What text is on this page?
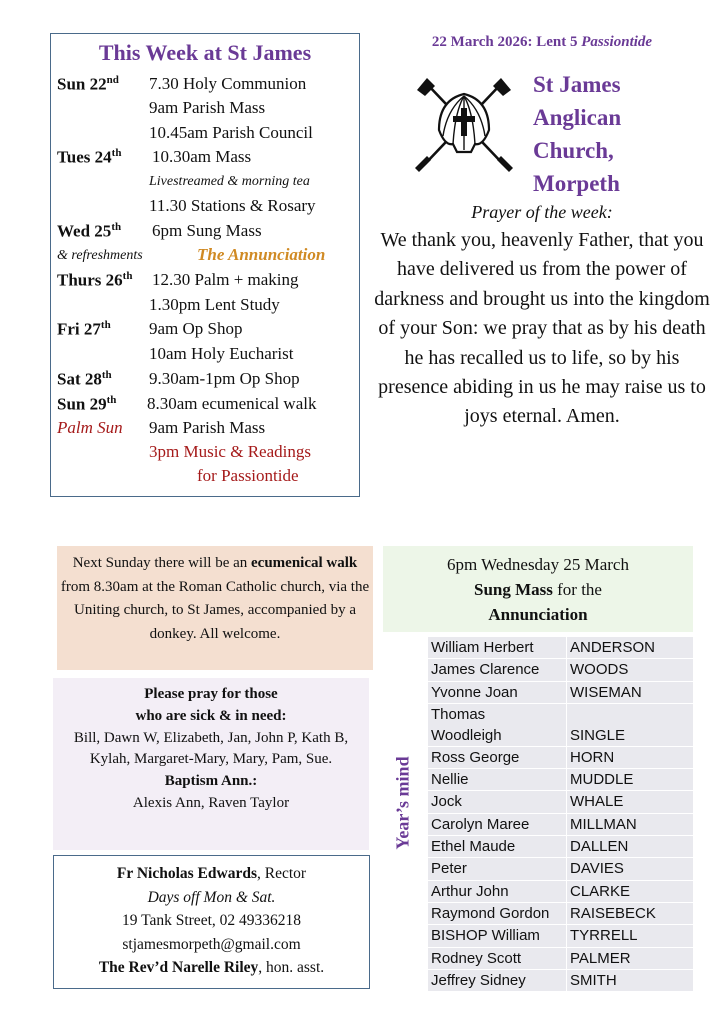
This Week at St James
Sun 22nd 7.30 Holy Communion
9am Parish Mass
10.45am Parish Council
Tues 24th 10.30am Mass
Livestreamed & morning tea
11.30 Stations & Rosary
Wed 25th 6pm Sung Mass
& refreshments	The Annunciation
Thurs 26th 12.30 Palm + making
1.30pm Lent Study
Fri 27th 9am Op Shop
10am Holy Eucharist
Sat 28th 9.30am-1pm Op Shop
Sun 29th 8.30am ecumenical walk
Palm Sun 9am Parish Mass
3pm Music & Readings
for Passiontide
22 March 2026: Lent 5 Passiontide
St James
Anglican
Church,
Morpeth
Prayer of the week:
We thank you, heavenly Father, that you have delivered us from the power of darkness and brought us into the kingdom of your Son: we pray that as by his death he has recalled us to life, so by his presence abiding in us he may raise us to joys eternal. Amen.
Next Sunday there will be an ecumenical walk from 8.30am at the Roman Catholic church, via the Uniting church, to St James, accompanied by a donkey. All welcome.
Please pray for those
who are sick & in need:
Bill, Dawn W, Elizabeth, Jan, John P, Kath B, Kylah, Margaret-Mary, Mary, Pam, Sue.
Baptism Ann.:
Alexis Ann, Raven Taylor
Fr Nicholas Edwards, Rector
Days off Mon & Sat.
19 Tank Street, 02 49336218
stjamesmorpeth@gmail.com
The Rev’d Narelle Riley, hon. asst.
6pm Wednesday 25 March
Sung Mass for the
Annunciation
Year’s mind
William Herbert	ANDERSON
James Clarence	WOODS
Yvonne Joan	WISEMAN
Thomas
Woodleigh	SINGLE
Ross George	HORN
Nellie	MUDDLE
Jock	WHALE
Carolyn Maree	MILLMAN
Ethel Maude	DALLEN
Peter	DAVIES
Arthur John	CLARKE
Raymond Gordon	RAISEBECK
BISHOP William	TYRRELL
Rodney Scott	PALMER
Jeffrey Sidney	SMITH
